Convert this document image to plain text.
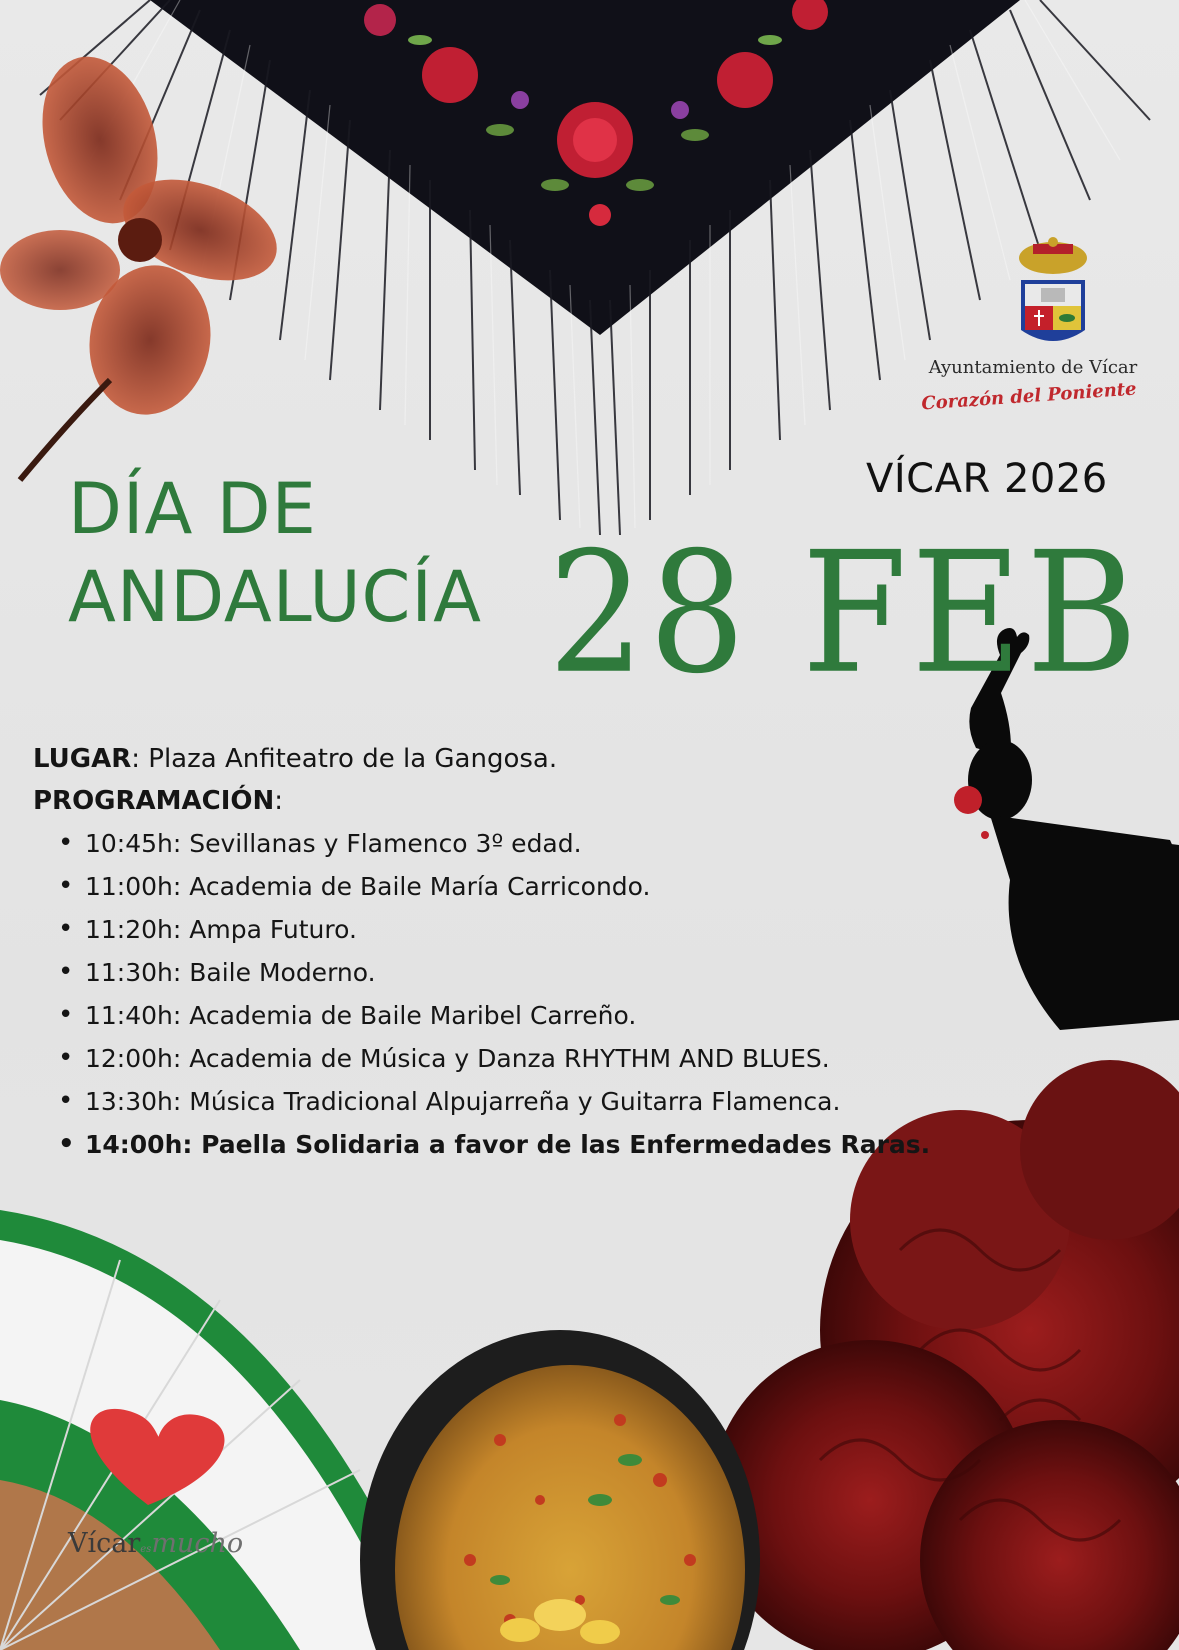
Ayuntamiento de Vícar
Corazón del Poniente
VÍCAR 2026
DÍA DE
ANDALUCÍA 28 FEB
LUGAR: Plaza Anfiteatro de la Gangosa.
PROGRAMACIÓN:
• 10:45h: Sevillanas y Flamenco 3º edad.
• 11:00h: Academia de Baile María Carricondo.
• 11:20h: Ampa Futuro.
• 11:30h: Baile Moderno.
• 11:40h: Academia de Baile Maribel Carreño.
• 12:00h: Academia de Música y Danza RHYTHM AND BLUES.
• 13:30h: Música Tradicional Alpujarreña y Guitarra Flamenca.
• 14:00h: Paella Solidaria a favor de las Enfermedades Raras.
Vícaresmucho
